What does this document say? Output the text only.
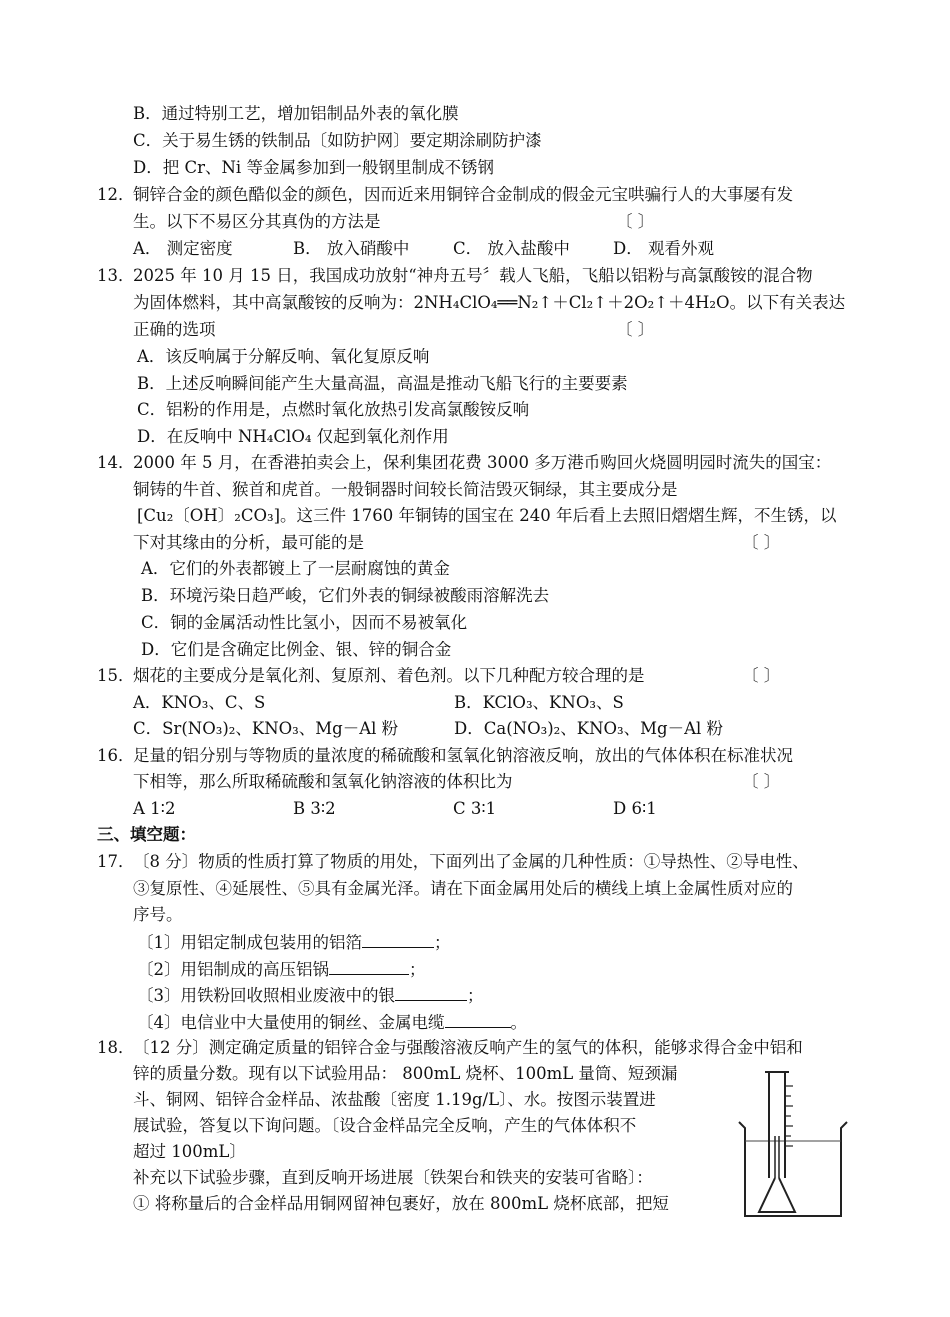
B．通过特别工艺，增加铝制品外表的氧化膜
C．关于易生锈的铁制品〔如防护网〕要定期涂刷防护漆
D．把 Cr、Ni 等金属参加到一般钢里制成不锈钢
12．铜锌合金的颜色酷似金的颜色，因而近来用铜锌合金制成的假金元宝哄骗行人的大事屡有发
生。以下不易区分其真伪的方法是	〔 〕
A． 测定密度	B． 放入硝酸中	C． 放入盐酸中	D． 观看外观
13．2025 年 10 月 15 日，我国成功放射“神舟五号〞载人飞船，飞船以铝粉与高氯酸铵的混合物
为固体燃料，其中高氯酸铵的反响为：2NH₄ClO₄══N₂↑＋Cl₂↑＋2O₂↑＋4H₂O。以下有关表达
正确的选项	〔 〕
A．该反响属于分解反响、氧化复原反响
B．上述反响瞬间能产生大量高温，高温是推动飞船飞行的主要要素
C．铝粉的作用是，点燃时氧化放热引发高氯酸铵反响
D．在反响中 NH₄ClO₄ 仅起到氧化剂作用
14．2000 年 5 月，在香港拍卖会上，保利集团花费 3000 多万港币购回火烧圆明园时流失的国宝：
铜铸的牛首、猴首和虎首。一般铜器时间较长简洁毁灭铜绿，其主要成分是
[Cu₂〔OH〕₂CO₃]。这三件 1760 年铜铸的国宝在 240 年后看上去照旧熠熠生辉，不生锈，以
下对其缘由的分析，最可能的是	〔 〕
A．它们的外表都镀上了一层耐腐蚀的黄金
B．环境污染日趋严峻，它们外表的铜绿被酸雨溶解洗去
C．铜的金属活动性比氢小，因而不易被氧化
D．它们是含确定比例金、银、锌的铜合金
15．烟花的主要成分是氧化剂、复原剂、着色剂。以下几种配方较合理的是	〔 〕
A．KNO₃、C、S	B．KClO₃、KNO₃、S
C．Sr(NO₃)₂、KNO₃、Mg－Al 粉	D．Ca(NO₃)₂、KNO₃、Mg－Al 粉
16．足量的铝分别与等物质的量浓度的稀硫酸和氢氧化钠溶液反响，放出的气体体积在标准状况
下相等，那么所取稀硫酸和氢氧化钠溶液的体积比为	〔 〕
A 1∶2	B 3∶2	C 3∶1	D 6∶1
三、填空题：
17．〔8 分〕物质的性质打算了物质的用处，下面列出了金属的几种性质：①导热性、②导电性、
③复原性、④延展性、⑤具有金属光泽。请在下面金属用处后的横线上填上金属性质对应的
序号。
〔1〕用铝定制成包装用的铝箔	；
〔2〕用铝制成的高压铝锅	；
〔3〕用铁粉回收照相业废液中的银	；
〔4〕电信业中大量使用的铜丝、金属电缆	。
18．〔12 分〕测定确定质量的铝锌合金与强酸溶液反响产生的氢气的体积，能够求得合金中铝和
锌的质量分数。现有以下试验用品： 800mL 烧杯、100mL 量筒、短颈漏
斗、铜网、铝锌合金样品、浓盐酸〔密度 1.19g/L〕、水。按图示装置进
展试验，答复以下询问题。〔设合金样品完全反响，产生的气体体积不
超过 100mL〕
补充以下试验步骤，直到反响开场进展〔铁架台和铁夹的安装可省略〕：
① 将称量后的合金样品用铜网留神包裹好，放在 800mL 烧杯底部，把短
